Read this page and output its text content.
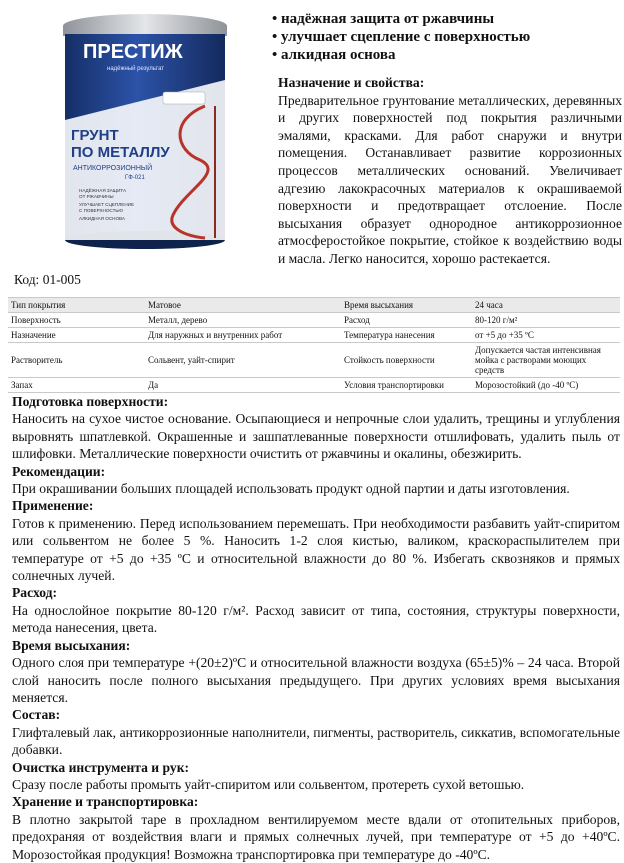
ПРЕСТИЖ
надёжный результат
ГРУНТ
ПО МЕТАЛЛУ
АНТИКОРРОЗИОННЫЙ
ГФ-021
НАДЁЖНАЯ ЗАЩИТА
ОТ РЖАВЧИНЫ
УЛУЧШАЕТ СЦЕПЛЕНИЕ
С ПОВЕРХНОСТЬЮ
АЛКИДНАЯ ОСНОВА
• надёжная защита от ржавчины
• улучшает сцепление с поверхностью
• алкидная основа
Назначение и свойства:

Предварительное грунтование металлических, деревянных и других поверхностей под покрытия различными эмалями, красками. Для работ снаружи и внутри помещения. Останавливает развитие коррозионных процессов металлических оснований. Увеличивает адгезию лакокрасочных материалов к окрашиваемой поверхности и предотвращает отслоение. После высыхания образует однородное антикоррозионное атмосферостойкое покрытие, стойкое к воздействию воды и масла. Легко наносится, хорошо растекается.

Код: 01-005
Тип покрытия	Матовое	Время высыхания	24 часа
Поверхность	Металл, дерево	Расход	80-120 г/м²
Назначение	Для наружных и внутренних работ	Температура нанесения	от +5 до +35 ºС
Растворитель	Сольвент, уайт-спирит	Стойкость поверхности	Допускается частая интенсивная мойка с растворами моющих средств
Запах	Да	Условия транспортировки	Морозостойкий (до -40 ºС)
Подготовка поверхности:

Наносить на сухое чистое основание. Осыпающиеся и непрочные слои удалить, трещины и углубления выровнять шпатлевкой. Окрашенные и зашпатлеванные поверхности отшлифовать, удалить пыль от шлифовки. Металлические поверхности очистить от ржавчины и окалины, обезжирить.

Рекомендации:

При окрашивании больших площадей использовать продукт одной партии и даты изготовления.

Применение:

Готов к применению. Перед использованием перемешать. При необходимости разбавить уайт-спиритом или сольвентом не более 5 %. Наносить 1-2 слоя кистью, валиком, краскораспылителем при температуре от +5 до +35 ºС и относительной влажности до 80 %. Избегать сквозняков и прямых солнечных лучей.

Расход:

На однослойное покрытие 80-120 г/м². Расход зависит от типа, состояния, структуры поверхности, метода нанесения, цвета.

Время высыхания:

Одного слоя при температуре +(20±2)ºС и относительной влажности воздуха (65±5)% – 24 часа. Второй слой наносить после полного высыхания предыдущего. При других условиях время высыхания меняется.

Состав:

Глифталевый лак, антикоррозионные наполнители, пигменты, растворитель, сиккатив, вспомогательные добавки.

Очистка инструмента и рук:

Сразу после работы промыть уайт-спиритом или сольвентом, протереть сухой ветошью.

Хранение и транспортировка:

В плотно закрытой таре в прохладном вентилируемом месте вдали от отопительных приборов, предохраняя от воздействия влаги и прямых солнечных лучей, при температуре от +5 до +40ºС. Морозостойкая продукция! Возможна транспортировка при температуре до -40ºС.
